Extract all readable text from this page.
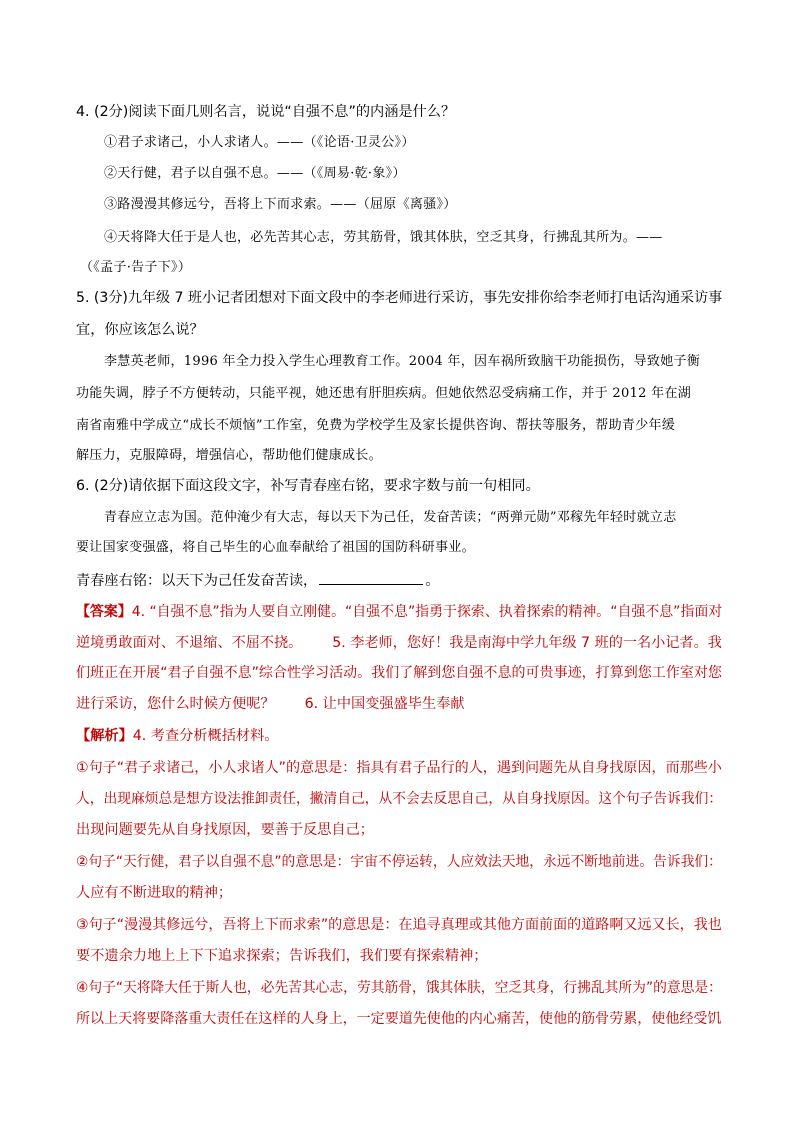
4. (2分)阅读下面几则名言，说说“自强不息”的内涵是什么？
①君子求诸己，小人求诸人。——（《论语·卫灵公》）
②天行健，君子以自强不息。——（《周易·乾·象》）
③路漫漫其修远兮，吾将上下而求索。——（屈原《离骚》）
④天将降大任于是人也，必先苦其心志，劳其筋骨，饿其体肤，空乏其身，行拂乱其所为。——
（《孟子·告子下》）
5. (3分)九年级 7 班小记者团想对下面文段中的李老师进行采访，事先安排你给李老师打电话沟通采访事
宜，你应该怎么说？
李慧英老师，1996 年全力投入学生心理教育工作。2004 年，因车祸所致脑干功能损伤，导致她子衡
功能失调，脖子不方便转动，只能平视，她还患有肝胆疾病。但她依然忍受病痛工作，并于 2012 年在湖
南省南雅中学成立“成长不烦恼”工作室，免费为学校学生及家长提供咨询、帮扶等服务，帮助青少年缓
解压力，克服障碍，增强信心，帮助他们健康成长。
6. (2分)请依据下面这段文字，补写青春座右铭，要求字数与前一句相同。
青春应立志为国。范仲淹少有大志，每以天下为己任，发奋苦读；“两弹元勋”邓稼先年轻时就立志
要让国家变强盛，将自己毕生的心血奉献给了祖国的国防科研事业。
青春座右铭：以天下为己任发奋苦读，	。
【答案】4. “自强不息”指为人要自立刚健。“自强不息”指勇于探索、执着探索的精神。“自强不息”指面对
逆境勇敢面对、不退缩、不屈不挠。 5. 李老师，您好！我是南海中学九年级 7 班的一名小记者。我
们班正在开展“君子自强不息”综合性学习活动。我们了解到您自强不息的可贵事迹，打算到您工作室对您
进行采访，您什么时候方便呢？ 6. 让中国变强盛毕生奉献
【解析】4. 考查分析概括材料。
①句子“君子求诸己，小人求诸人”的意思是：指具有君子品行的人，遇到问题先从自身找原因，而那些小
人，出现麻烦总是想方设法推卸责任，撇清自己，从不会去反思自己，从自身找原因。这个句子告诉我们：
出现问题要先从自身找原因，要善于反思自己；
②句子“天行健，君子以自强不息”的意思是：宇宙不停运转，人应效法天地，永远不断地前进。告诉我们：
人应有不断进取的精神；
③句子“漫漫其修远兮，吾将上下而求索”的意思是：在追寻真理或其他方面前面的道路啊又远又长，我也
要不遗余力地上上下下追求探索；告诉我们，我们要有探索精神；
④句子“天将降大任于斯人也，必先苦其心志，劳其筋骨，饿其体肤，空乏其身，行拂乱其所为”的意思是：
所以上天将要降落重大责任在这样的人身上，一定要道先使他的内心痛苦，使他的筋骨劳累，使他经受饥
